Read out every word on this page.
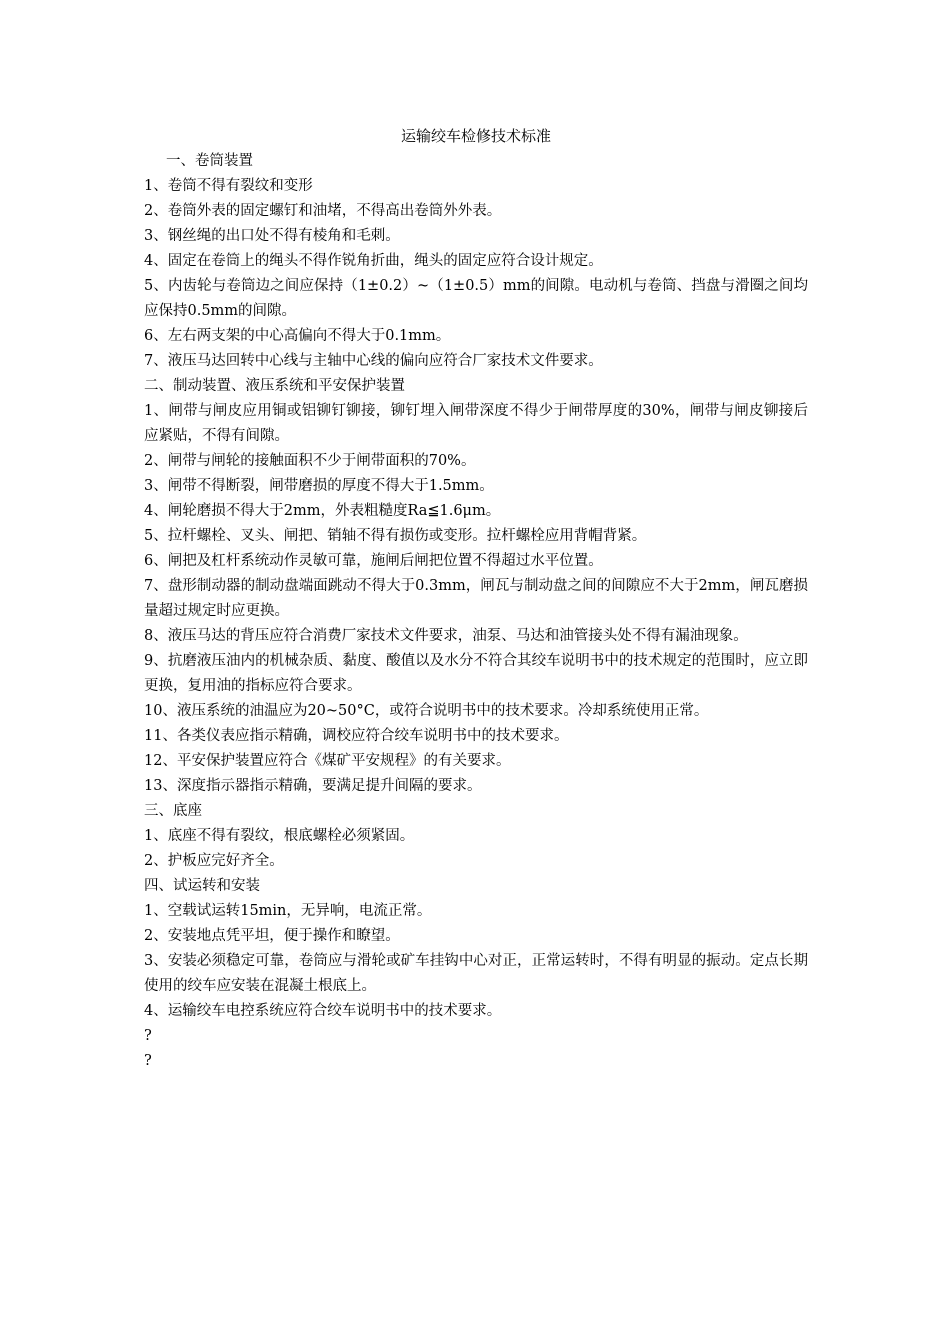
运输绞车检修技术标准

一、卷筒装置

1、卷筒不得有裂纹和变形

2、卷筒外表的固定螺钉和油堵，不得高出卷筒外外表。

3、钢丝绳的出口处不得有棱角和毛刺。

4、固定在卷筒上的绳头不得作锐角折曲，绳头的固定应符合设计规定。

5、内齿轮与卷筒边之间应保持（1±0.2）~（1±0.5）mm的间隙。电动机与卷筒、挡盘与滑圈之间均应保持0.5mm的间隙。

6、左右两支架的中心高偏向不得大于0.1mm。

7、液压马达回转中心线与主轴中心线的偏向应符合厂家技术文件要求。

二、制动装置、液压系统和平安保护装置

1、闸带与闸皮应用铜或铝铆钉铆接，铆钉埋入闸带深度不得少于闸带厚度的30%，闸带与闸皮铆接后应紧贴，不得有间隙。

2、闸带与闸轮的接触面积不少于闸带面积的70%。

3、闸带不得断裂，闸带磨损的厚度不得大于1.5mm。

4、闸轮磨损不得大于2mm，外表粗糙度Ra≦1.6μm。

5、拉杆螺栓、叉头、闸把、销轴不得有损伤或变形。拉杆螺栓应用背帽背紧。

6、闸把及杠杆系统动作灵敏可靠，施闸后闸把位置不得超过水平位置。

7、盘形制动器的制动盘端面跳动不得大于0.3mm，闸瓦与制动盘之间的间隙应不大于2mm，闸瓦磨损量超过规定时应更换。

8、液压马达的背压应符合消费厂家技术文件要求，油泵、马达和油管接头处不得有漏油现象。

9、抗磨液压油内的机械杂质、黏度、酸值以及水分不符合其绞车说明书中的技术规定的范围时，应立即更换，复用油的指标应符合要求。

10、液压系统的油温应为20~50°C，或符合说明书中的技术要求。冷却系统使用正常。

11、各类仪表应指示精确，调校应符合绞车说明书中的技术要求。

12、平安保护装置应符合《煤矿平安规程》的有关要求。

13、深度指示器指示精确，要满足提升间隔的要求。

三、底座

1、底座不得有裂纹，根底螺栓必须紧固。

2、护板应完好齐全。

四、试运转和安装

1、空载试运转15min，无异响，电流正常。

2、安装地点凭平坦，便于操作和瞭望。

3、安装必须稳定可靠，卷筒应与滑轮或矿车挂钩中心对正，正常运转时，不得有明显的振动。定点长期使用的绞车应安装在混凝土根底上。

4、运输绞车电控系统应符合绞车说明书中的技术要求。

?

?
